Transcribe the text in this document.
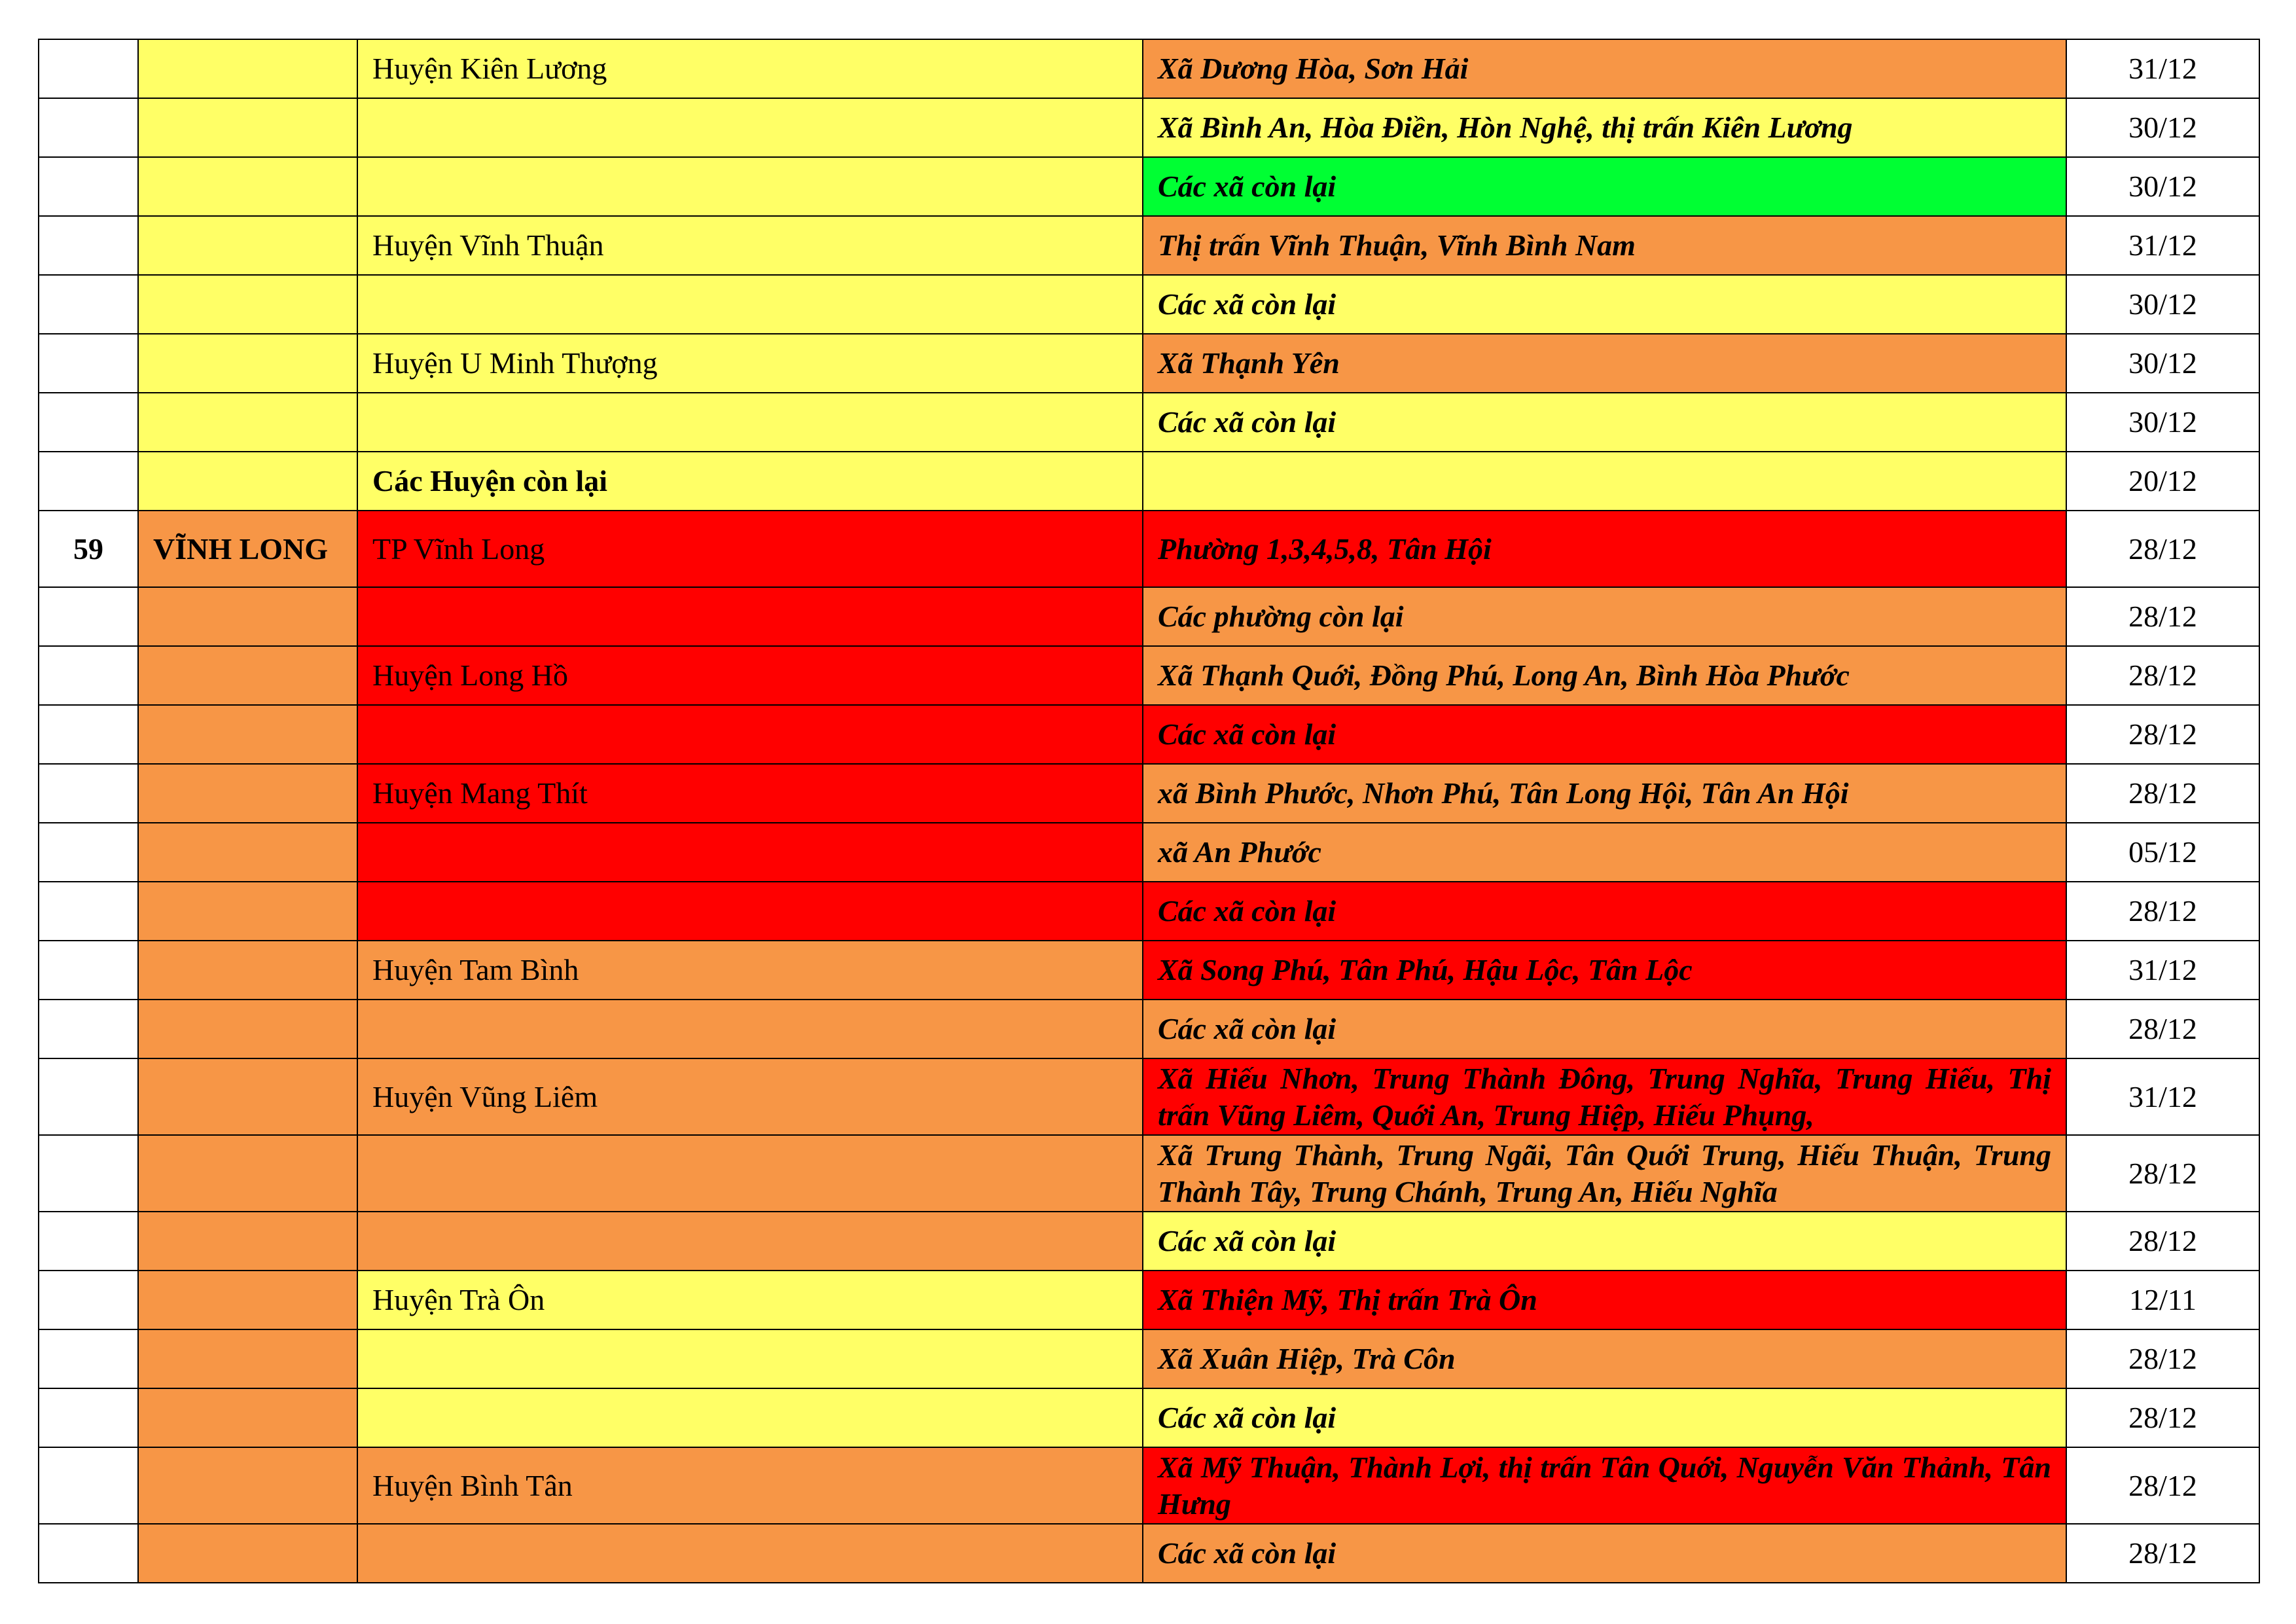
		Huyện Kiên Lương	Xã Dương Hòa, Sơn Hải	31/12
			Xã Bình An, Hòa Điền, Hòn Nghệ, thị trấn Kiên Lương	30/12
			Các xã còn lại	30/12
		Huyện Vĩnh Thuận	Thị trấn Vĩnh Thuận, Vĩnh Bình Nam	31/12
			Các xã còn lại	30/12
		Huyện U Minh Thượng	Xã Thạnh Yên	30/12
			Các xã còn lại	30/12
		Các Huyện còn lại		20/12
59	VĨNH LONG	TP Vĩnh Long	Phường 1,3,4,5,8, Tân Hội	28/12
			Các phường còn lại	28/12
		Huyện Long Hồ	Xã Thạnh Quới, Đồng Phú, Long An, Bình Hòa Phước	28/12
			Các xã còn lại	28/12
		Huyện Mang Thít	xã Bình Phước, Nhơn Phú, Tân Long Hội, Tân An Hội	28/12
			xã An Phước	05/12
			Các xã còn lại	28/12
		Huyện Tam Bình	Xã Song Phú, Tân Phú, Hậu Lộc, Tân Lộc	31/12
			Các xã còn lại	28/12
		Huyện Vũng Liêm	Xã Hiếu Nhơn, Trung Thành Đông, Trung Nghĩa, Trung Hiếu, Thị trấn Vũng Liêm, Quới An, Trung Hiệp, Hiếu Phụng,	31/12
			Xã Trung Thành, Trung Ngãi, Tân Quới Trung, Hiếu Thuận, Trung Thành Tây, Trung Chánh, Trung An, Hiếu Nghĩa	28/12
			Các xã còn lại	28/12
		Huyện Trà Ôn	Xã Thiện Mỹ, Thị trấn Trà Ôn	12/11
			Xã Xuân Hiệp, Trà Côn	28/12
			Các xã còn lại	28/12
		Huyện Bình Tân	Xã Mỹ Thuận, Thành Lợi, thị trấn Tân Quới, Nguyễn Văn Thảnh, Tân Hưng	28/12
			Các xã còn lại	28/12
